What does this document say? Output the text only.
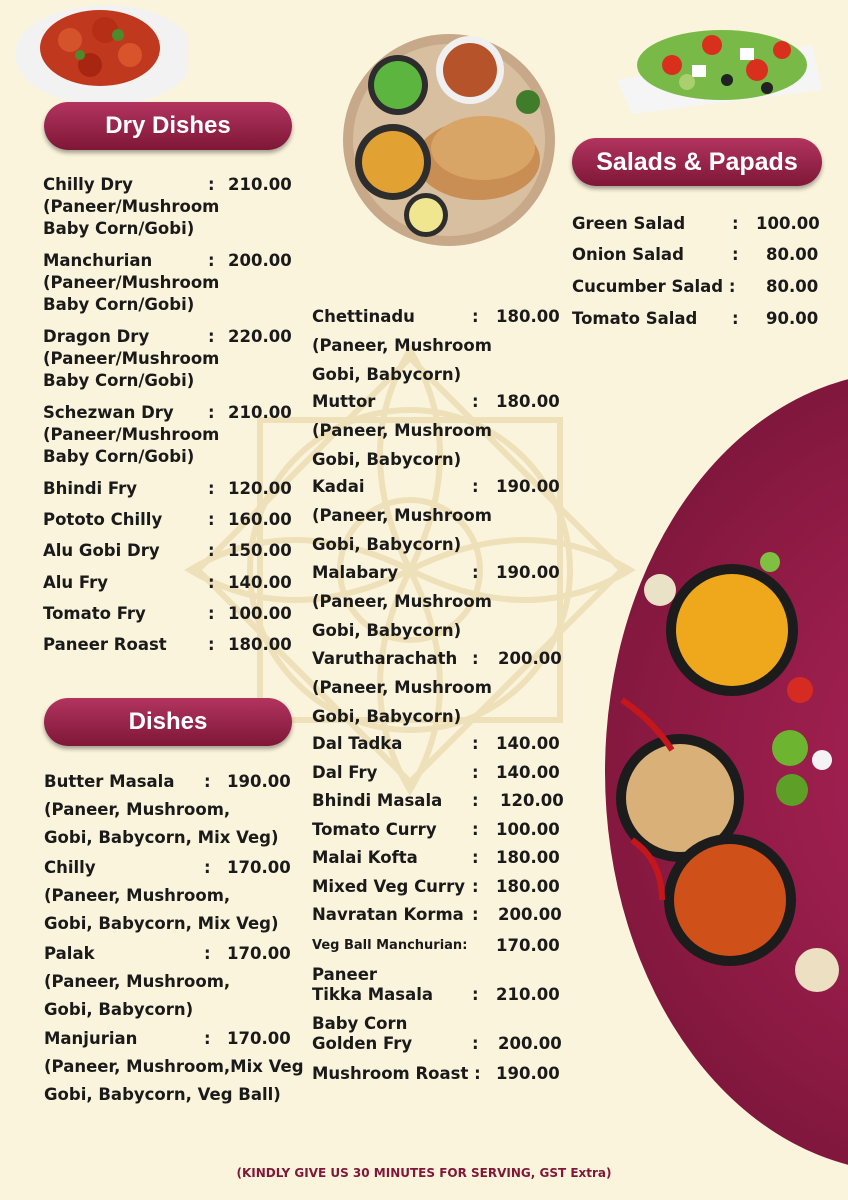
Dry Dishes
Salads & Papads
Dishes
Chilly Dry	: 210.00
(Paneer/Mushroom
Baby Corn/Gobi)
Manchurian	: 200.00
(Paneer/Mushroom
Baby Corn/Gobi)
Dragon Dry	: 220.00
(Paneer/Mushroom
Baby Corn/Gobi)
Schezwan Dry : 210.00
(Paneer/Mushroom
Baby Corn/Gobi)
Bhindi Fry	: 120.00
Pototo Chilly	: 160.00
Alu Gobi Dry	: 150.00
Alu Fry	: 140.00
Tomato Fry	: 100.00
Paneer Roast	: 180.00
Butter Masala : 190.00
(Paneer, Mushroom,
Gobi, Babycorn, Mix Veg)
Chilly	: 170.00
(Paneer, Mushroom,
Gobi, Babycorn, Mix Veg)
Palak	: 170.00
(Paneer, Mushroom,
Gobi, Babycorn)
Manjurian	: 170.00
(Paneer, Mushroom,Mix Veg
Gobi, Babycorn, Veg Ball)
Chettinadu	: 180.00
(Paneer, Mushroom
Gobi, Babycorn)
Muttor	: 180.00
(Paneer, Mushroom
Gobi, Babycorn)
Kadai	: 190.00
(Paneer, Mushroom
Gobi, Babycorn)
Malabary	: 190.00
(Paneer, Mushroom
Gobi, Babycorn)
Varutharachath : 200.00
(Paneer, Mushroom
Gobi, Babycorn)
Dal Tadka	: 140.00
Dal Fry	: 140.00
Bhindi Masala : 120.00
Tomato Curry : 100.00
Malai Kofta	: 180.00
Mixed Veg Curry : 180.00
Navratan Korma : 200.00
Veg Ball Manchurian: 170.00
Paneer
Tikka Masala : 210.00
Baby Corn
Golden Fry	: 200.00
Mushroom Roast : 190.00
Green Salad	: 100.00
Onion Salad	: 80.00
Cucumber Salad : 80.00
Tomato Salad : 90.00
(KINDLY GIVE US 30 MINUTES FOR SERVING, GST Extra)
